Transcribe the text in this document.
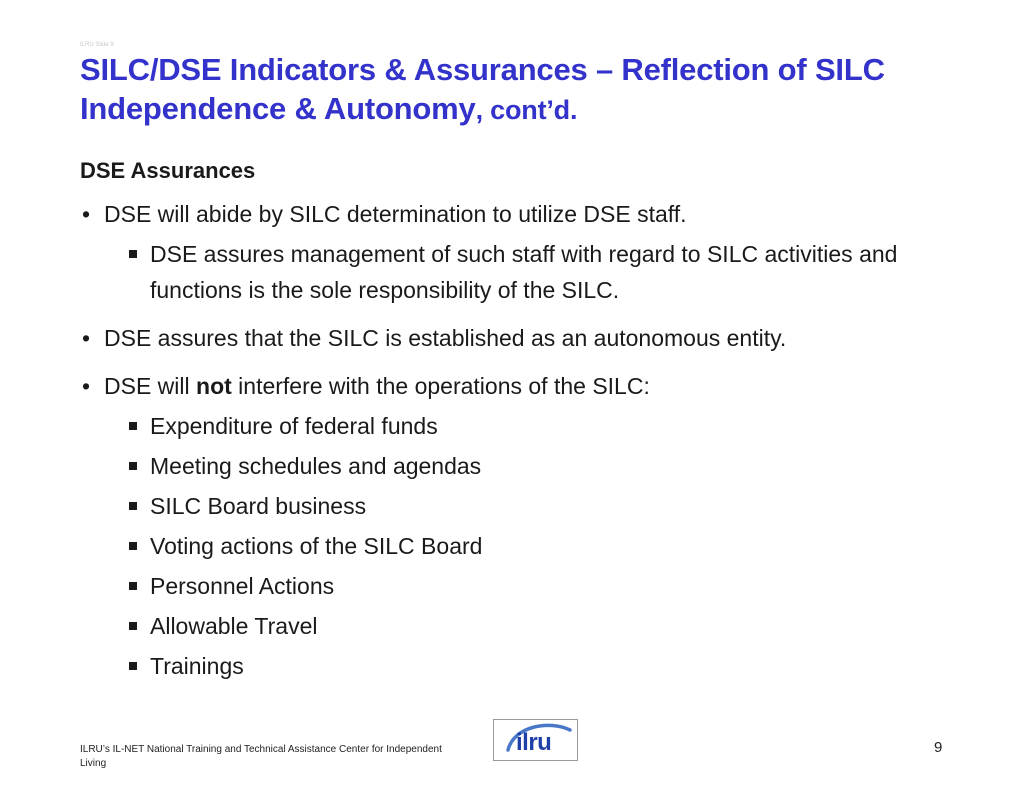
ILRU Slide 9
SILC/DSE Indicators & Assurances – Reflection of SILC Independence & Autonomy, cont’d.
DSE Assurances

• DSE will abide by SILC determination to utilize DSE staff.

DSE assures management of such staff with regard to SILC activities and functions is the sole responsibility of the SILC.

• DSE assures that the SILC is established as an autonomous entity.

• DSE will not interfere with the operations of the SILC:

Expenditure of federal funds

Meeting schedules and agendas

SILC Board business

Voting actions of the SILC Board

Personnel Actions

Allowable Travel

Trainings

ILRU’s IL-NET National Training and Technical Assistance Center for Independent Living
ilru	9
